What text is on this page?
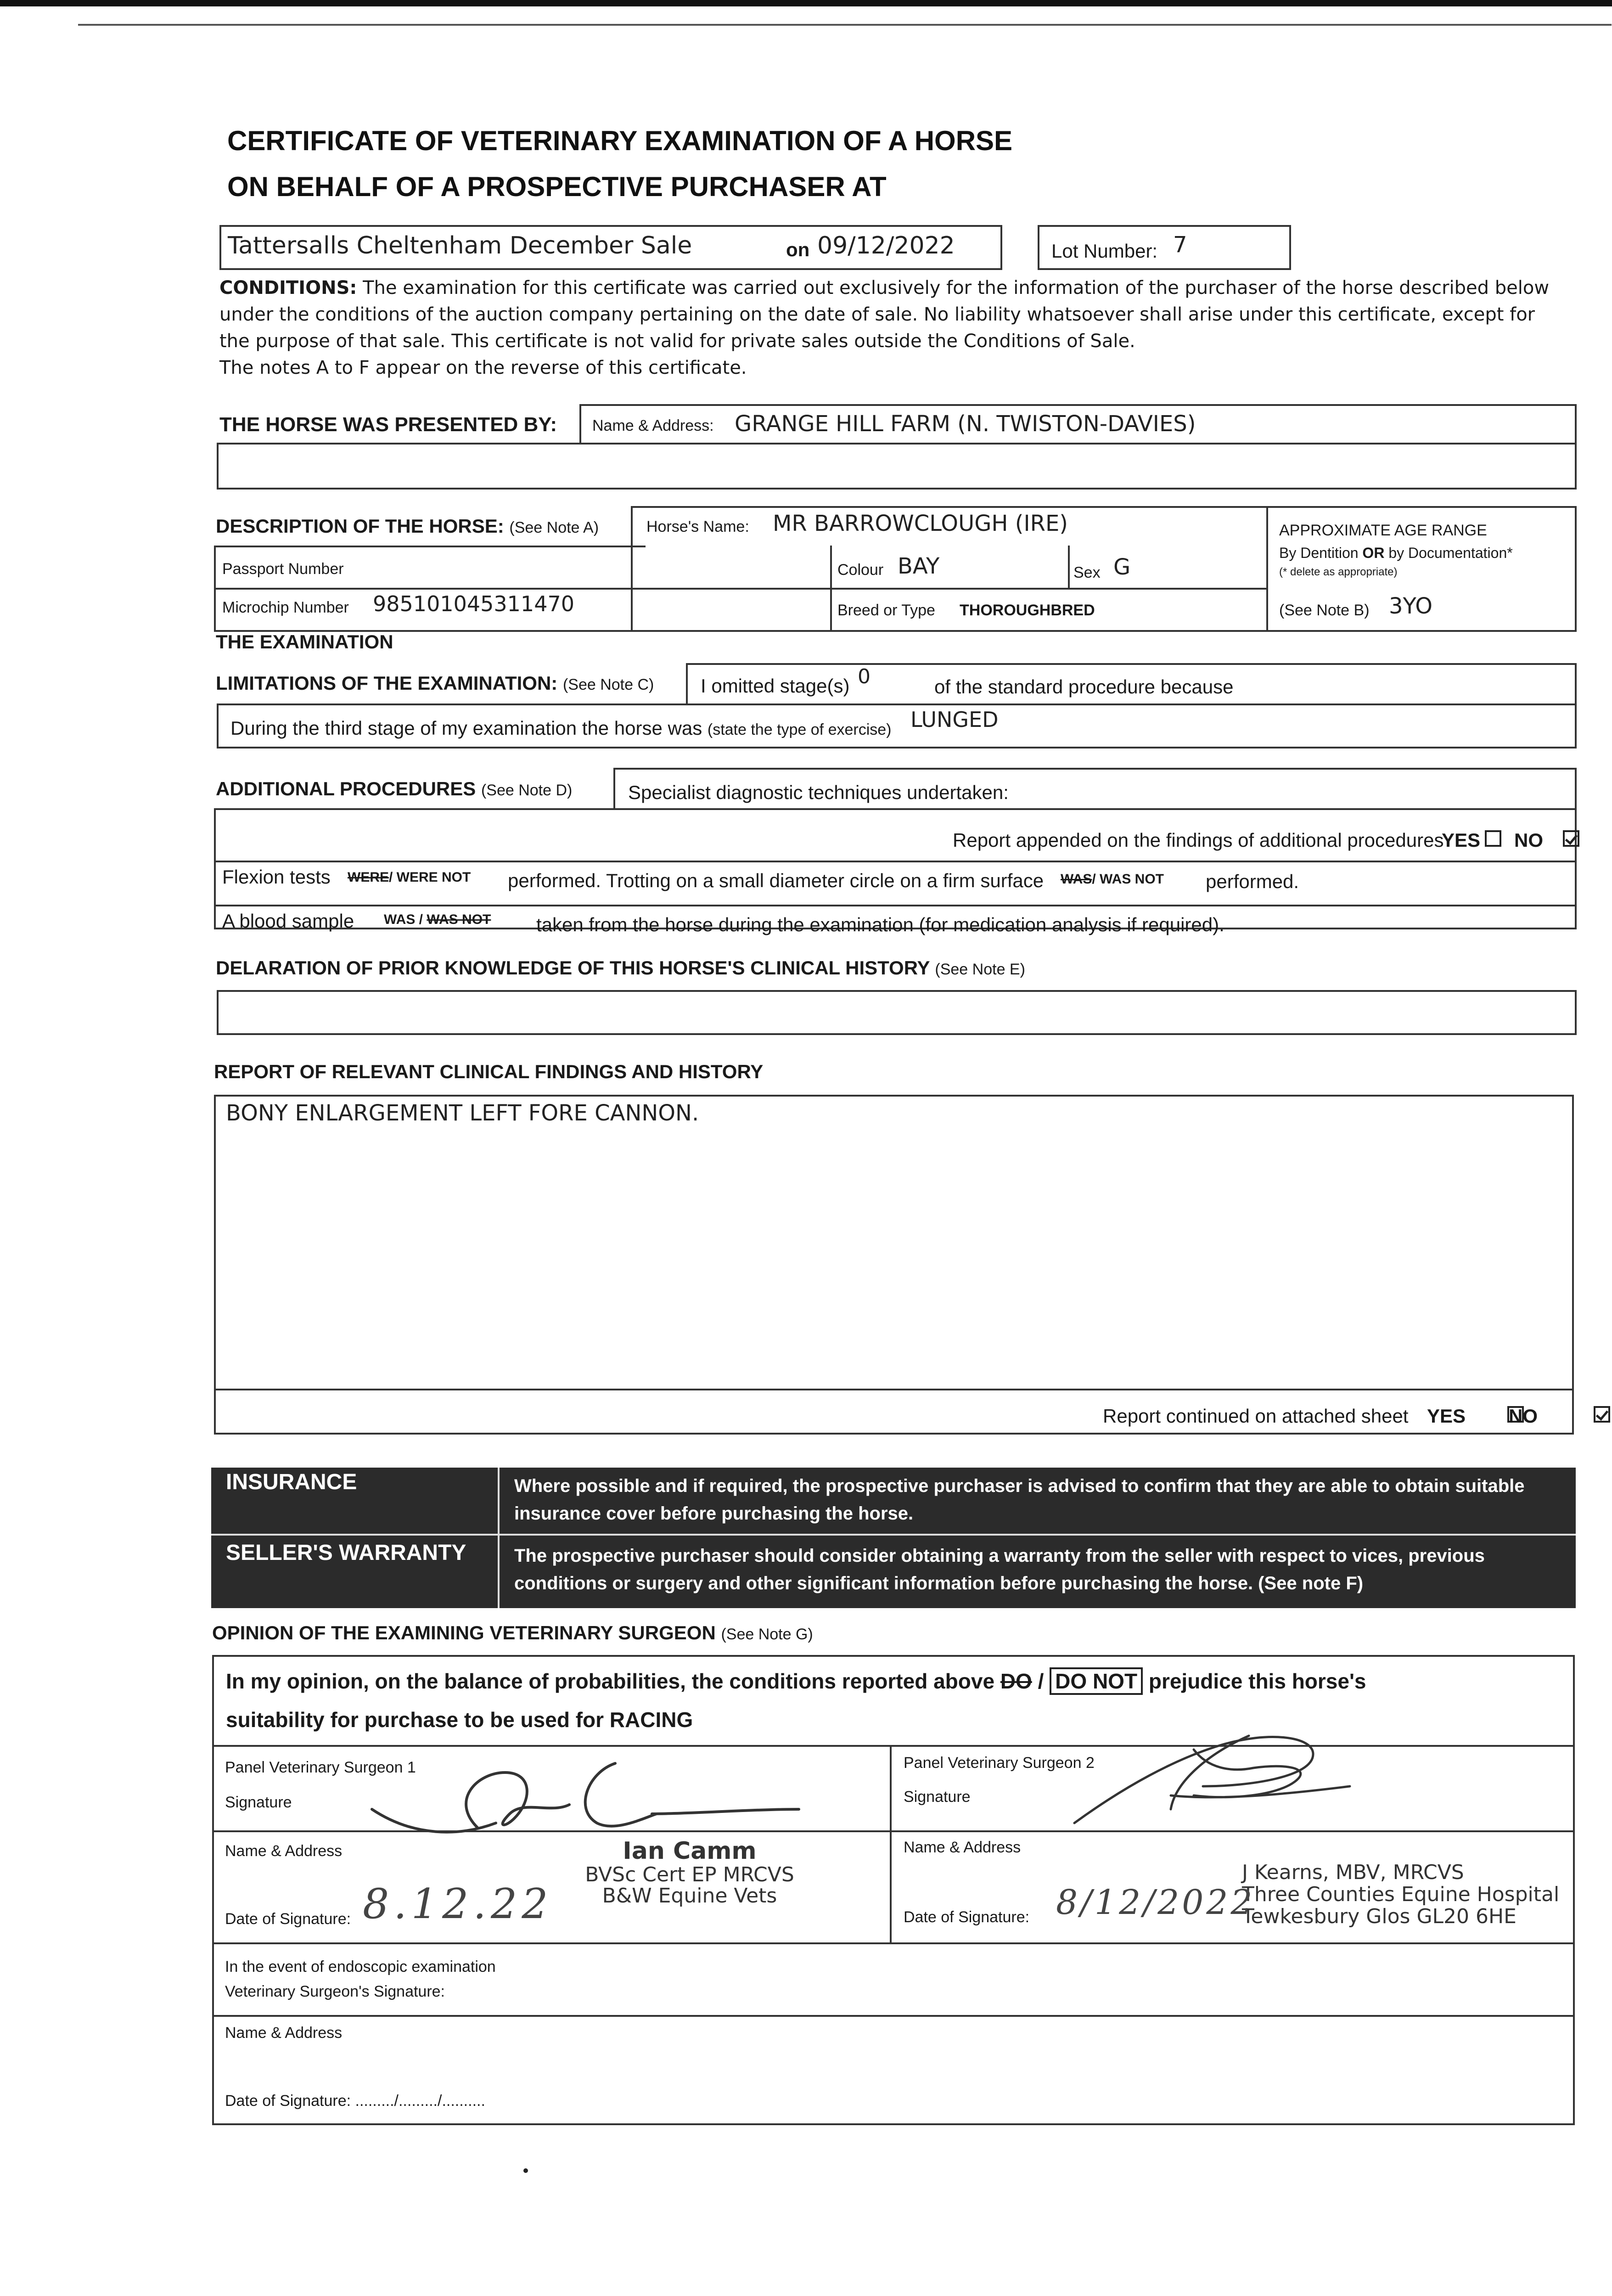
CERTIFICATE OF VETERINARY EXAMINATION OF A HORSE
ON BEHALF OF A PROSPECTIVE PURCHASER AT
Tattersalls Cheltenham December Sale	on 09/12/2022	Lot Number: 7
CONDITIONS: The examination for this certificate was carried out exclusively for the information of the purchaser of the horse described below under the conditions of the auction company pertaining on the date of sale. No liability whatsoever shall arise under this certificate, except for the purpose of that sale. This certificate is not valid for private sales outside the Conditions of Sale.
The notes A to F appear on the reverse of this certificate.
THE HORSE WAS PRESENTED BY: Name & Address: GRANGE HILL FARM (N. TWISTON-DAVIES)
DESCRIPTION OF THE HORSE: (See Note A)	Horse's Name: MR BARROWCLOUGH (IRE)
Passport Number	Colour BAY	Sex G
Microchip Number 985101045311470	Breed or Type THOROUGHBRED
APPROXIMATE AGE RANGE
By Dentition OR by Documentation*
(* delete as appropriate)
(See Note B) 3YO
THE EXAMINATION
LIMITATIONS OF THE EXAMINATION: (See Note C) I omitted stage(s) 0	of the standard procedure because
During the third stage of my examination the horse was (state the type of exercise) LUNGED
ADDITIONAL PROCEDURES (See Note D)	Specialist diagnostic techniques undertaken:
Report appended on the findings of additional procedures
YES
NO

Flexion tests WERE/ WERE NOT performed. Trotting on a small diameter circle on a firm surface WAS/ WAS NOT performed.
A blood sample WAS / WAS NOT taken from the horse during the examination (for medication analysis if required).
DELARATION OF PRIOR KNOWLEDGE OF THIS HORSE'S CLINICAL HISTORY (See Note E)
REPORT OF RELEVANT CLINICAL FINDINGS AND HISTORY
BONY ENLARGEMENT LEFT FORE CANNON.
Report continued on attached sheet YES
NO
INSURANCE	Where possible and if required, the prospective purchaser is advised to confirm that they are able to obtain suitable insurance cover before purchasing the horse.
SELLER'S WARRANTY	The prospective purchaser should consider obtaining a warranty from the seller with respect to vices, previous conditions or surgery and other significant information before purchasing the horse. (See note F)
OPINION OF THE EXAMINING VETERINARY SURGEON (See Note G)
In my opinion, on the balance of probabilities, the conditions reported above DO / DO NOT prejudice this horse's
suitability for purchase to be used for RACING
Panel Veterinary Surgeon 1
Signature
Name & Address	Ian Camm
BVSc Cert EP MRCVS
B&W Equine Vets
Date of Signature: 8.12.22
Panel Veterinary Surgeon 2
Signature
Name & Address
J Kearns, MBV, MRCVS
Three Counties Equine Hospital
Tewkesbury Glos GL20 6HE
Date of Signature: 8/12/2022
In the event of endoscopic examination
Veterinary Surgeon's Signature:
Name & Address
Date of Signature: ........./........./..........
